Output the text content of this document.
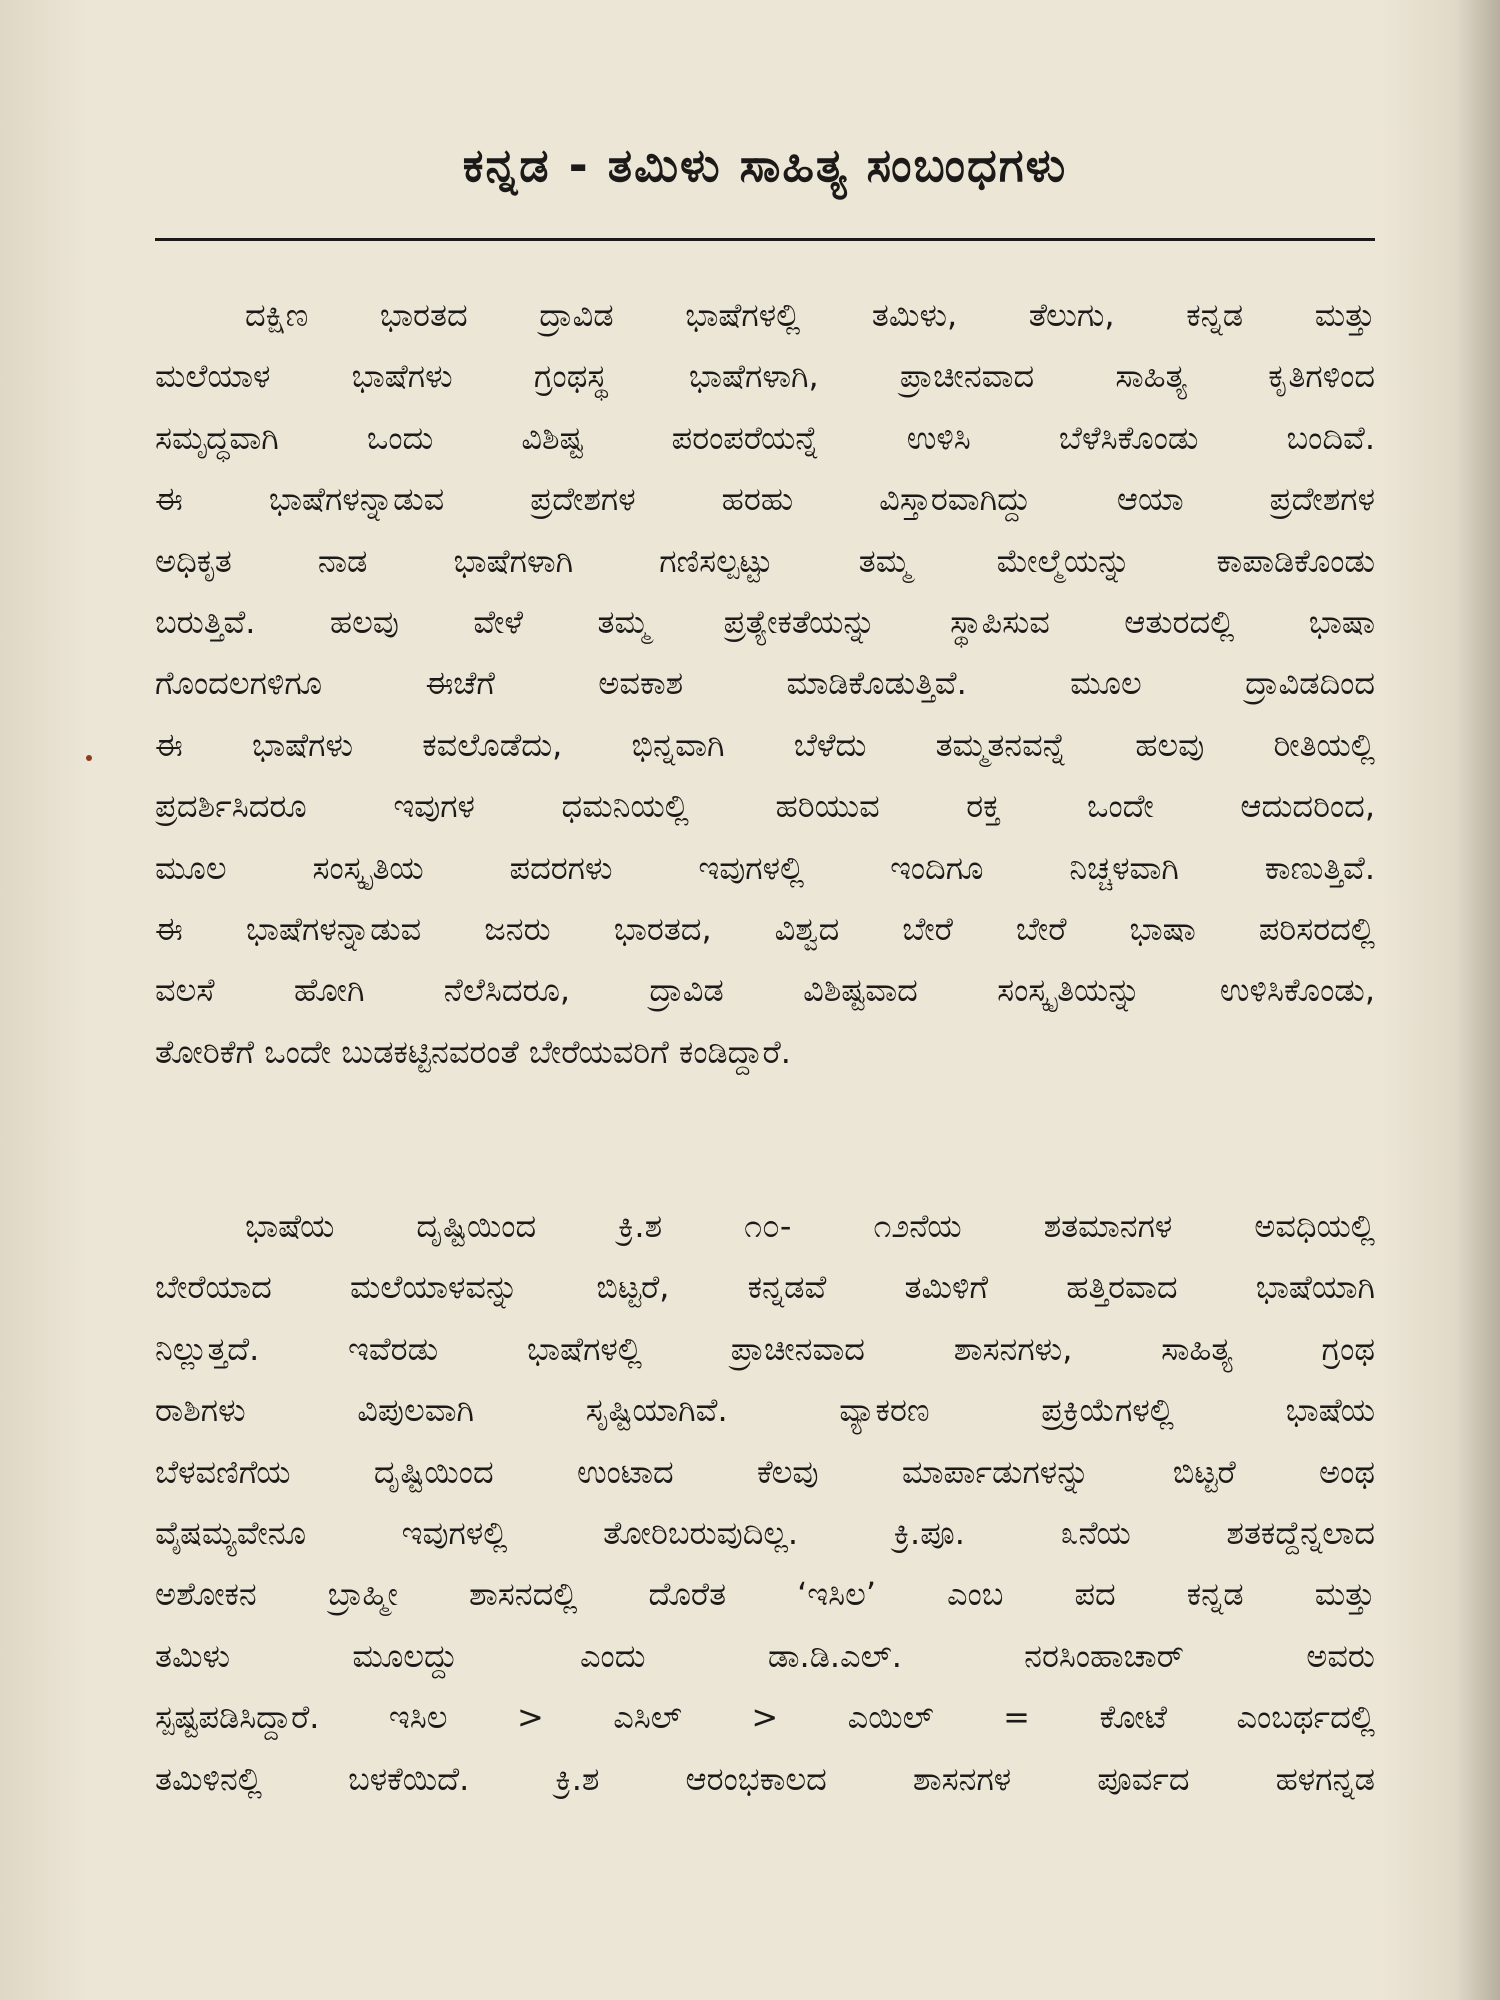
ಕನ್ನಡ - ತಮಿಳು ಸಾಹಿತ್ಯ ಸಂಬಂಧಗಳು
ದಕ್ಷಿಣ ಭಾರತದ ದ್ರಾವಿಡ ಭಾಷೆಗಳಲ್ಲಿ ತಮಿಳು, ತೆಲುಗು, ಕನ್ನಡ ಮತ್ತು
ಮಲೆಯಾಳ ಭಾಷೆಗಳು ಗ್ರಂಥಸ್ಥ ಭಾಷೆಗಳಾಗಿ, ಪ್ರಾಚೀನವಾದ ಸಾಹಿತ್ಯ ಕೃತಿಗಳಿಂದ
ಸಮೃದ್ಧವಾಗಿ ಒಂದು ವಿಶಿಷ್ಟ ಪರಂಪರೆಯನ್ನೆ ಉಳಿಸಿ ಬೆಳೆಸಿಕೊಂಡು ಬಂದಿವೆ.
ಈ ಭಾಷೆಗಳನ್ನಾಡುವ ಪ್ರದೇಶಗಳ ಹರಹು ವಿಸ್ತಾರವಾಗಿದ್ದು ಆಯಾ ಪ್ರದೇಶಗಳ
ಅಧಿಕೃತ ನಾಡ ಭಾಷೆಗಳಾಗಿ ಗಣಿಸಲ್ಪಟ್ಟು ತಮ್ಮ ಮೇಲ್ಮೆಯನ್ನು ಕಾಪಾಡಿಕೊಂಡು
ಬರುತ್ತಿವೆ. ಹಲವು ವೇಳೆ ತಮ್ಮ ಪ್ರತ್ಯೇಕತೆಯನ್ನು ಸ್ಥಾಪಿಸುವ ಆತುರದಲ್ಲಿ ಭಾಷಾ
ಗೊಂದಲಗಳಿಗೂ ಈಚೆಗೆ ಅವಕಾಶ ಮಾಡಿಕೊಡುತ್ತಿವೆ. ಮೂಲ ದ್ರಾವಿಡದಿಂದ
ಈ ಭಾಷೆಗಳು ಕವಲೊಡೆದು, ಭಿನ್ನವಾಗಿ ಬೆಳೆದು ತಮ್ಮತನವನ್ನೆ ಹಲವು ರೀತಿಯಲ್ಲಿ
ಪ್ರದರ್ಶಿಸಿದರೂ ಇವುಗಳ ಧಮನಿಯಲ್ಲಿ ಹರಿಯುವ ರಕ್ತ ಒಂದೇ ಆದುದರಿಂದ,
ಮೂಲ ಸಂಸ್ಕೃತಿಯ ಪದರಗಳು ಇವುಗಳಲ್ಲಿ ಇಂದಿಗೂ ನಿಚ್ಚಳವಾಗಿ ಕಾಣುತ್ತಿವೆ.
ಈ ಭಾಷೆಗಳನ್ನಾಡುವ ಜನರು ಭಾರತದ, ವಿಶ್ವದ ಬೇರೆ ಬೇರೆ ಭಾಷಾ ಪರಿಸರದಲ್ಲಿ
ವಲಸೆ ಹೋಗಿ ನೆಲೆಸಿದರೂ, ದ್ರಾವಿಡ ವಿಶಿಷ್ಟವಾದ ಸಂಸ್ಕೃತಿಯನ್ನು ಉಳಿಸಿಕೊಂಡು,
ತೋರಿಕೆಗೆ ಒಂದೇ ಬುಡಕಟ್ಟಿನವರಂತೆ ಬೇರೆಯವರಿಗೆ ಕಂಡಿದ್ದಾರೆ.
ಭಾಷೆಯ ದೃಷ್ಟಿಯಿಂದ ಕ್ರಿ.ಶ ೧೦- ೧೨ನೆಯ ಶತಮಾನಗಳ ಅವಧಿಯಲ್ಲಿ
ಬೇರೆಯಾದ ಮಲೆಯಾಳವನ್ನು ಬಿಟ್ಟರೆ, ಕನ್ನಡವೆ ತಮಿಳಿಗೆ ಹತ್ತಿರವಾದ ಭಾಷೆಯಾಗಿ
ನಿಲ್ಲುತ್ತದೆ. ಇವೆರಡು ಭಾಷೆಗಳಲ್ಲಿ ಪ್ರಾಚೀನವಾದ ಶಾಸನಗಳು, ಸಾಹಿತ್ಯ ಗ್ರಂಥ
ರಾಶಿಗಳು ವಿಪುಲವಾಗಿ ಸೃಷ್ಟಿಯಾಗಿವೆ. ವ್ಯಾಕರಣ ಪ್ರಕ್ರಿಯೆಗಳಲ್ಲಿ ಭಾಷೆಯ
ಬೆಳವಣಿಗೆಯ ದೃಷ್ಟಿಯಿಂದ ಉಂಟಾದ ಕೆಲವು ಮಾರ್ಪಾಡುಗಳನ್ನು ಬಿಟ್ಟರೆ ಅಂಥ
ವೈಷಮ್ಯವೇನೂ ಇವುಗಳಲ್ಲಿ ತೋರಿಬರುವುದಿಲ್ಲ. ಕ್ರಿ.ಪೂ. ೩ನೆಯ ಶತಕದ್ದೆನ್ನಲಾದ
ಅಶೋಕನ ಬ್ರಾಹ್ಮೀ ಶಾಸನದಲ್ಲಿ ದೊರೆತ ‘ಇಸಿಲ’ ಎಂಬ ಪದ ಕನ್ನಡ ಮತ್ತು
ತಮಿಳು ಮೂಲದ್ದು ಎಂದು ಡಾ.ಡಿ.ಎಲ್. ನರಸಿಂಹಾಚಾರ್ ಅವರು
ಸ್ಪಷ್ಟಪಡಿಸಿದ್ದಾರೆ. ಇಸಿಲ > ಎಸಿಲ್ > ಎಯಿಲ್ = ಕೋಟೆ ಎಂಬರ್ಥದಲ್ಲಿ
ತಮಿಳಿನಲ್ಲಿ ಬಳಕೆಯಿದೆ. ಕ್ರಿ.ಶ ಆರಂಭಕಾಲದ ಶಾಸನಗಳ ಪೂರ್ವದ ಹಳಗನ್ನಡ
